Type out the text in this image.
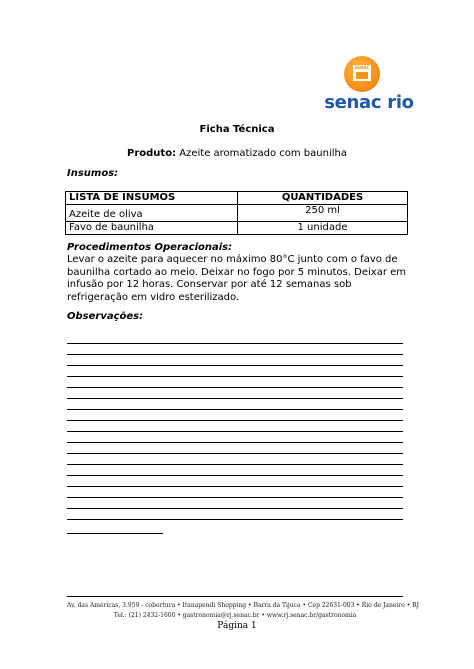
SENAC
senac rio
Ficha Técnica
Produto: Azeite aromatizado com baunilha
Insumos:
LISTA DE INSUMOS	QUANTIDADES
Azeite de oliva	250 ml
Favo de baunilha	1 unidade
Procedimentos Operacionais:
Levar o azeite para aquecer no máximo 80°C junto com o favo de baunilha cortado ao meio. Deixar no fogo por 5 minutos. Deixar em infusão por 12 horas. Conservar por até 12 semanas sob refrigeração em vidro esterilizado.
Observações:
Av. das Américas, 3.959 - cobertura • Itanapendi Shopping • Barra da Tijuca • Cep 22631-003 • Rio de Janeiro • RJ
Tel.: (21) 2432-1600 • gastronomia@rj.senac.br • www.rj.senac.br/gastronomia
Página 1
